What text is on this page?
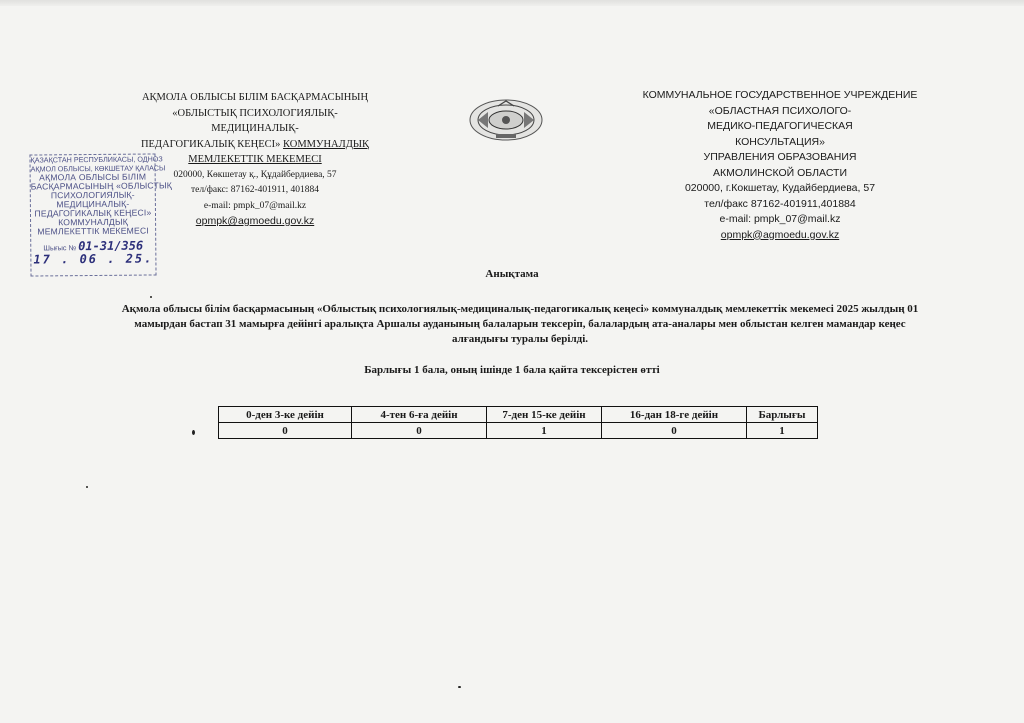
АҚМОЛА ОБЛЫСЫ БІЛІМ БАСҚАРМАСЫНЫҢ
«ОБЛЫСТЫҚ ПСИХОЛОГИЯЛЫҚ-
МЕДИЦИНАЛЫҚ-
ПЕДАГОГИКАЛЫҚ КЕҢЕСІ» КОММУНАЛДЫҚ
МЕМЛЕКЕТТІК МЕКЕМЕСІ
020000, Көкшетау қ., Құдайбердиева, 57
тел/факс: 87162-401911, 401884
e-mail: pmpk_07@mail.kz
opmpk@agmoedu.gov.kz
КОММУНАЛЬНОЕ ГОСУДАРСТВЕННОЕ УЧРЕЖДЕНИЕ
«ОБЛАСТНАЯ ПСИХОЛОГО-
МЕДИКО-ПЕДАГОГИЧЕСКАЯ
КОНСУЛЬТАЦИЯ»
УПРАВЛЕНИЯ ОБРАЗОВАНИЯ
АКМОЛИНСКОЙ ОБЛАСТИ
020000, г.Кокшетау, Кудайбердиева, 57
тел/факс 87162-401911,401884
e-mail: pmpk_07@mail.kz
opmpk@agmoedu.gov.kz
ҚАЗАҚСТАН РЕСПУБЛИКАСЫ, ОДНОЗ
АҚМОЛ ОБЛЫСЫ, КӨКШЕТАУ ҚАЛАСЫ
АҚМОЛА ОБЛЫСЫ БІЛІМ
БАСҚАРМАСЫНЫҢ «ОБЛЫСТЫҚ
ПСИХОЛОГИЯЛЫҚ-
МЕДИЦИНАЛЫҚ-
ПЕДАГОГИКАЛЫҚ КЕҢЕСІ»
КОММУНАЛДЫҚ
МЕМЛЕКЕТТІК МЕКЕМЕСІ
Шығыс № 01-31/356
17 . 06 . 25.
Анықтама
Ақмола облысы білім басқармасының «Облыстық психологиялық-медициналық-педагогикалық кеңесі» коммуналдық мемлекеттік мекемесі 2025 жылдың 01 мамырдан бастап 31 мамырға дейінгі аралықта Аршалы ауданының балаларын тексеріп, балалардың ата-аналары мен облыстан келген мамандар кеңес алғандығы туралы берілді.
Барлығы 1 бала, оның ішінде 1 бала қайта тексерістен өтті
0-ден 3-ке дейін	4-тен 6-ға дейін	7-ден 15-ке дейін	16-дан 18-ге дейін	Барлығы
0	0	1	0	1
